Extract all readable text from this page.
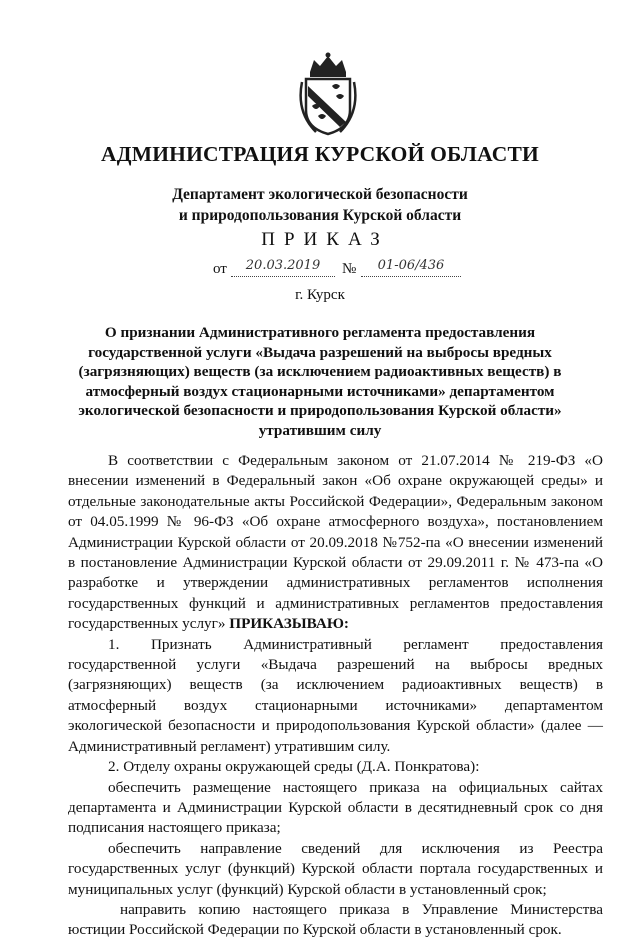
АДМИНИСТРАЦИЯ КУРСКОЙ ОБЛАСТИ
Департамент экологической безопасности
и природопользования Курской области
ПРИКАЗ
от	20.03.2019	№	01-06/436
г. Курск
О признании Административного регламента предоставления государственной услуги «Выдача разрешений на выбросы вредных (загрязняющих) веществ (за исключением радиоактивных веществ) в атмосферный воздух стационарными источниками» департаментом экологической безопасности и природопользования Курской области» утратившим силу

В соответствии с Федеральным законом от 21.07.2014 № 219-ФЗ «О внесении изменений в Федеральный закон «Об охране окружающей среды» и отдельные законодательные акты Российской Федерации», Федеральным законом от 04.05.1999 № 96-ФЗ «Об охране атмосферного воздуха», постановлением Администрации Курской области от 20.09.2018 №752-па «О внесении изменений в постановление Администрации Курской области от 29.09.2011 г. № 473-па «О разработке и утверждении административных регламентов исполнения государственных функций и административных регламентов предоставления государственных услуг» ПРИКАЗЫВАЮ:

1. Признать Административный регламент предоставления государственной услуги «Выдача разрешений на выбросы вредных (загрязняющих) веществ (за исключением радиоактивных веществ) в атмосферный воздух стационарными источниками» департаментом экологической безопасности и природопользования Курской области» (далее — Административный регламент) утратившим силу.

2. Отделу охраны окружающей среды (Д.А. Понкратова):

обеспечить размещение настоящего приказа на официальных сайтах департамента и Администрации Курской области в десятидневный срок со дня подписания настоящего приказа;

обеспечить направление сведений для исключения из Реестра государственных услуг (функций) Курской области портала государственных и муниципальных услуг (функций) Курской области в установленный срок;

направить копию настоящего приказа в Управление Министерства юстиции Российской Федерации по Курской области в установленный срок.
